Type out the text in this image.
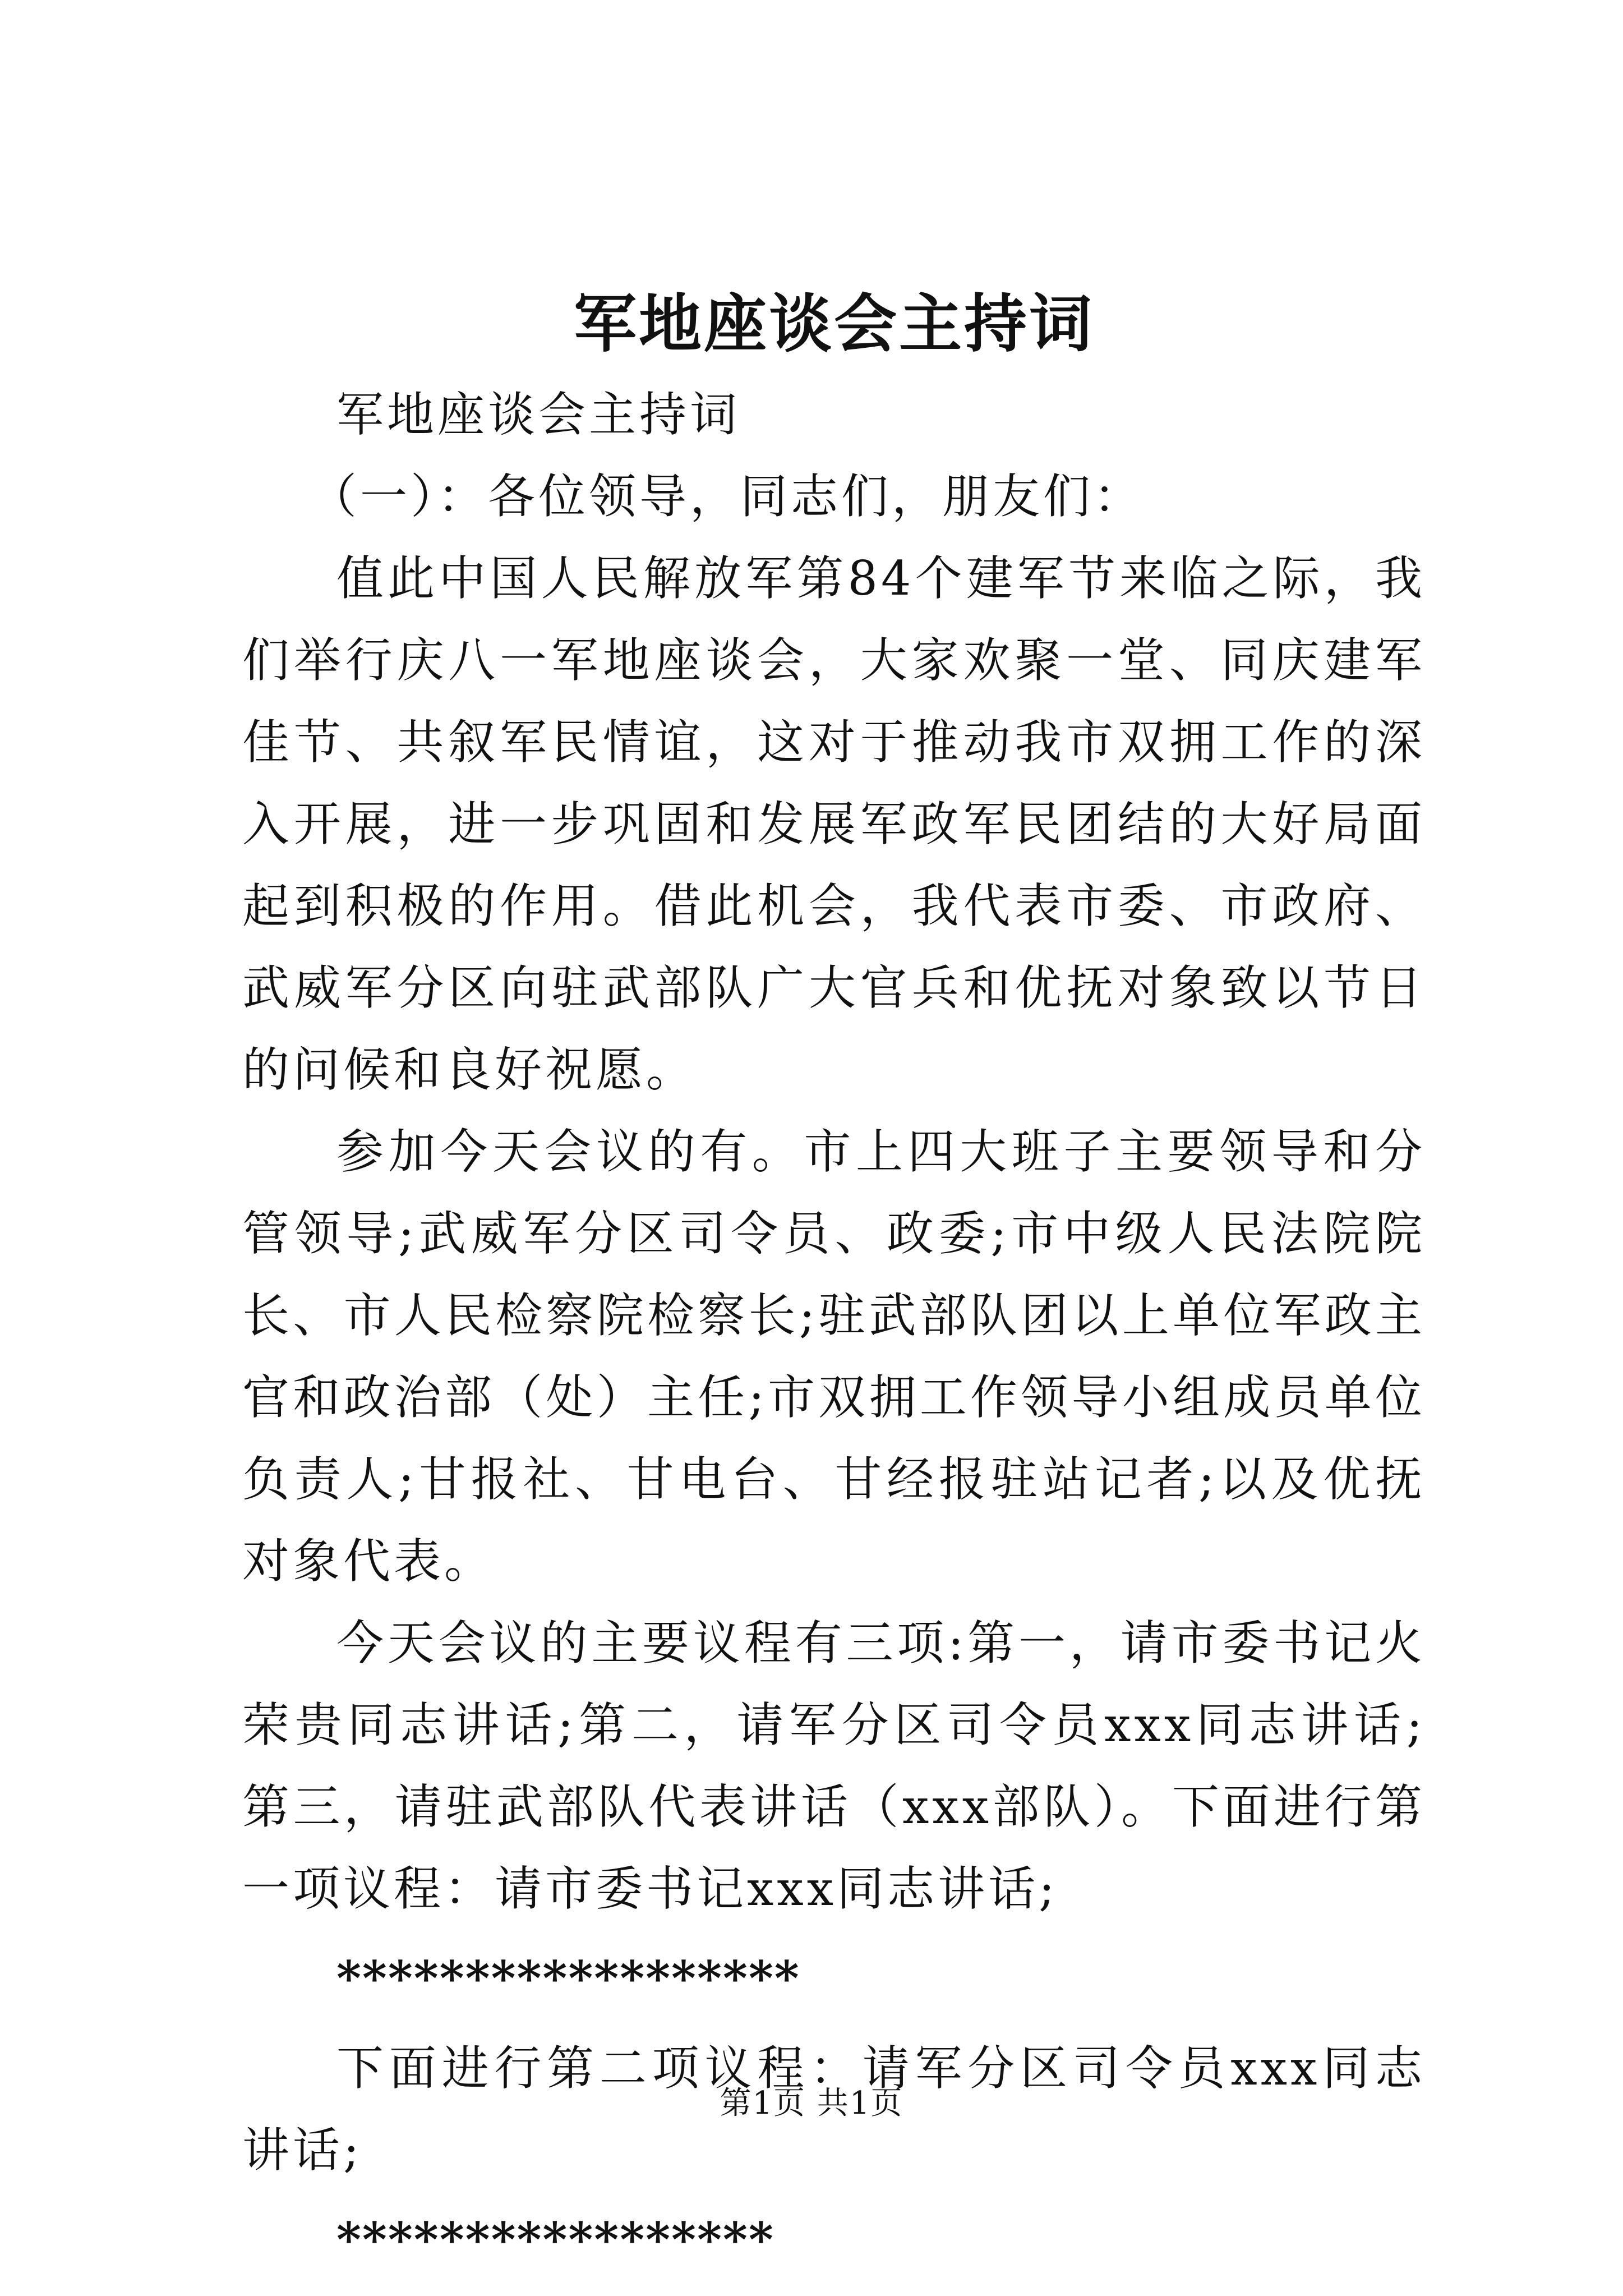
军地座谈会主持词

军地座谈会主持词

（一）：各位领导，同志们，朋友们：

值此中国人民解放军第84个建军节来临之际，我们举行庆八一军地座谈会，大家欢聚一堂、同庆建军佳节、共叙军民情谊，这对于推动我市双拥工作的深入开展，进一步巩固和发展军政军民团结的大好局面起到积极的作用。借此机会，我代表市委、市政府、武威军分区向驻武部队广大官兵和优抚对象致以节日的问候和良好祝愿。

参加今天会议的有。市上四大班子主要领导和分管领导;武威军分区司令员、政委;市中级人民法院院长、市人民检察院检察长;驻武部队团以上单位军政主官和政治部（处）主任;市双拥工作领导小组成员单位负责人;甘报社、甘电台、甘经报驻站记者;以及优抚对象代表。

今天会议的主要议程有三项:第一，请市委书记火荣贵同志讲话;第二，请军分区司令员xxx同志讲话;第三，请驻武部队代表讲话（xxx部队）。下面进行第一项议程：请市委书记xxx同志讲话;

******************

下面进行第二项议程：请军分区司令员xxx同志讲话;

*****************

第1页 共1页
